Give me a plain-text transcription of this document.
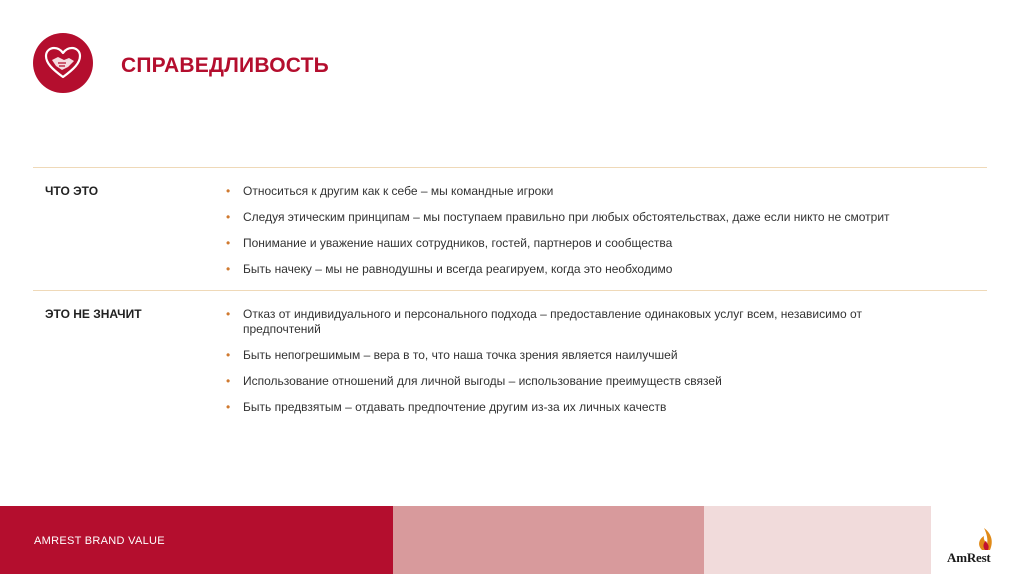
СПРАВЕДЛИВОСТЬ
ЧТО ЭТО	• Относиться к другим как к себе – мы командные игроки
• Следуя этическим принципам – мы поступаем правильно при любых обстоятельствах, даже если никто не смотрит
• Понимание и уважение наших сотрудников, гостей, партнеров и сообщества
• Быть начеку – мы не равнодушны и всегда реагируем, когда это необходимо
ЭТО НЕ ЗНАЧИТ	• Отказ от индивидуального и персонального подхода – предоставление одинаковых услуг всем, независимо от предпочтений
• Быть непогрешимым – вера в то, что наша точка зрения является наилучшей
• Использование отношений для личной выгоды – использование преимуществ связей
• Быть предвзятым – отдавать предпочтение другим из-за их личных качеств
AMREST BRAND VALUE
AmRest
